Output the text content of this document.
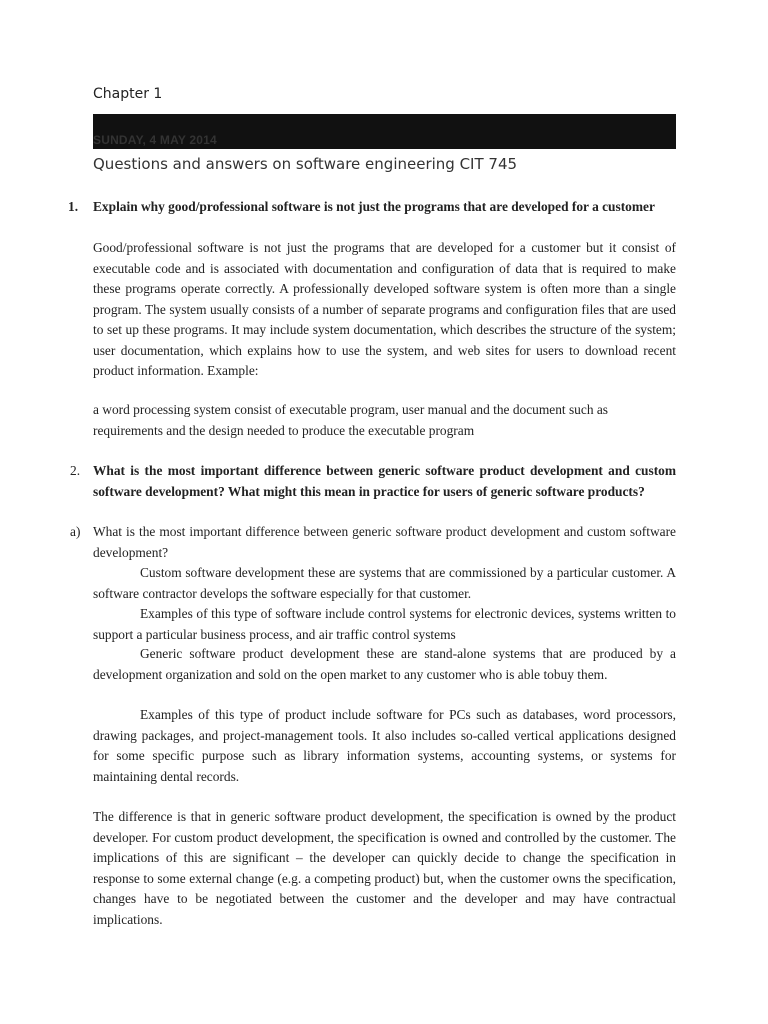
Chapter 1
SUNDAY, 4 MAY 2014
Questions and answers on software engineering CIT 745
1. Explain why good/professional software is not just the programs that are developed for a customer
Good/professional software is not just the programs that are developed for a customer but it consist of executable code and is associated with documentation and configuration of data that is required to make these programs operate correctly. A professionally developed software system is often more than a single program. The system usually consists of a number of separate programs and configuration files that are used to set up these programs. It may include system documentation, which describes the structure of the system; user documentation, which explains how to use the system, and web sites for users to download recent product information. Example:
a word processing system consist of executable program, user manual and the document such as requirements and the design needed to produce the executable program
2. What is the most important difference between generic software product development and custom software development? What might this mean in practice for users of generic software products?
a) What is the most important difference between generic software product development and custom software development?
Custom software development these are systems that are commissioned by a particular customer. A software contractor develops the software especially for that customer.
Examples of this type of software include control systems for electronic devices, systems written to support a particular business process, and air traffic control systems
Generic software product development these are stand-alone systems that are produced by a development organization and sold on the open market to any customer who is able tobuy them.
Examples of this type of product include software for PCs such as databases, word processors, drawing packages, and project-management tools. It also includes so-called vertical applications designed for some specific purpose such as library information systems, accounting systems, or systems for maintaining dental records.
The difference is that in generic software product development, the specification is owned by the product developer. For custom product development, the specification is owned and controlled by the customer. The implications of this are significant – the developer can quickly decide to change the specification in response to some external change (e.g. a competing product) but, when the customer owns the specification, changes have to be negotiated between the customer and the developer and may have contractual implications.
